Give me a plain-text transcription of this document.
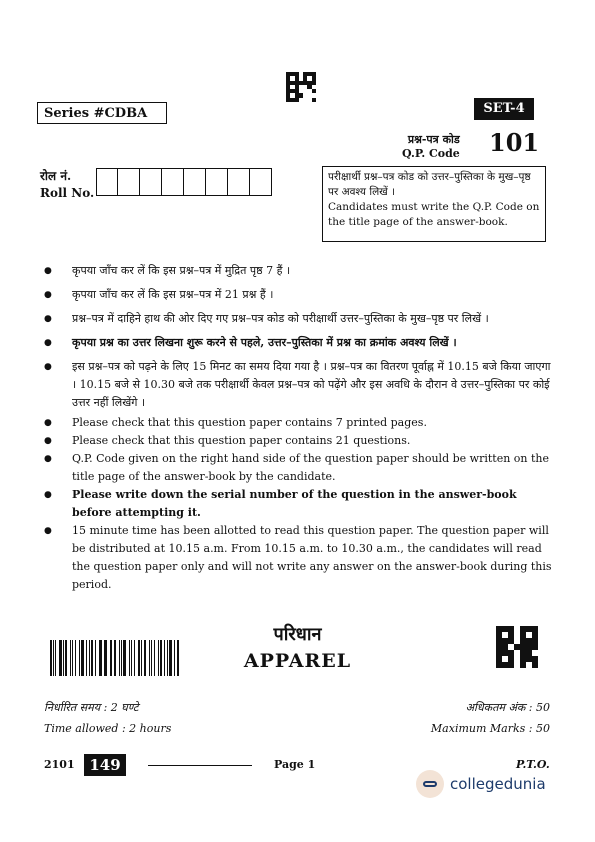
Series #CDBA	SET-4
प्रश्न-पत्र कोड
Q.P. Code 101
रोल नं.
Roll No.
परीक्षार्थी प्रश्न–पत्र कोड को उत्तर–पुस्तिका के मुख–पृष्ठ पर अवश्य लिखें ।
Candidates must write the Q.P. Code on the title page of the answer-book.
● कृपया जाँच कर लें कि इस प्रश्न–पत्र में मुद्रित पृष्ठ 7 हैं ।
● कृपया जाँच कर लें कि इस प्रश्न–पत्र में 21 प्रश्न हैं ।
● प्रश्न–पत्र में दाहिने हाथ की ओर दिए गए प्रश्न–पत्र कोड को परीक्षार्थी उत्तर–पुस्तिका के मुख–पृष्ठ पर लिखें ।
● कृपया प्रश्न का उत्तर लिखना शुरू करने से पहले, उत्तर–पुस्तिका में प्रश्न का क्रमांक अवश्य लिखें ।
● इस प्रश्न–पत्र को पढ़ने के लिए 15 मिनट का समय दिया गया है । प्रश्न–पत्र का वितरण पूर्वाह्न में 10.15 बजे किया जाएगा । 10.15 बजे से 10.30 बजे तक परीक्षार्थी केवल प्रश्न–पत्र को पढ़ेंगे और इस अवधि के दौरान वे उत्तर–पुस्तिका पर कोई उत्तर नहीं लिखेंगे ।
● Please check that this question paper contains 7 printed pages.
● Please check that this question paper contains 21 questions.
● Q.P. Code given on the right hand side of the question paper should be written on the title page of the answer-book by the candidate.
● Please write down the serial number of the question in the answer-book before attempting it.
● 15 minute time has been allotted to read this question paper. The question paper will be distributed at 10.15 a.m. From 10.15 a.m. to 10.30 a.m., the candidates will read the question paper only and will not write any answer on the answer-book during this period.
परिधान
APPAREL
निर्धारित समय : 2 घण्टे
Time allowed : 2 hours
अधिकतम अंक : 50
Maximum Marks : 50
2101 149	Page 1	P.T.O.
collegedunia
